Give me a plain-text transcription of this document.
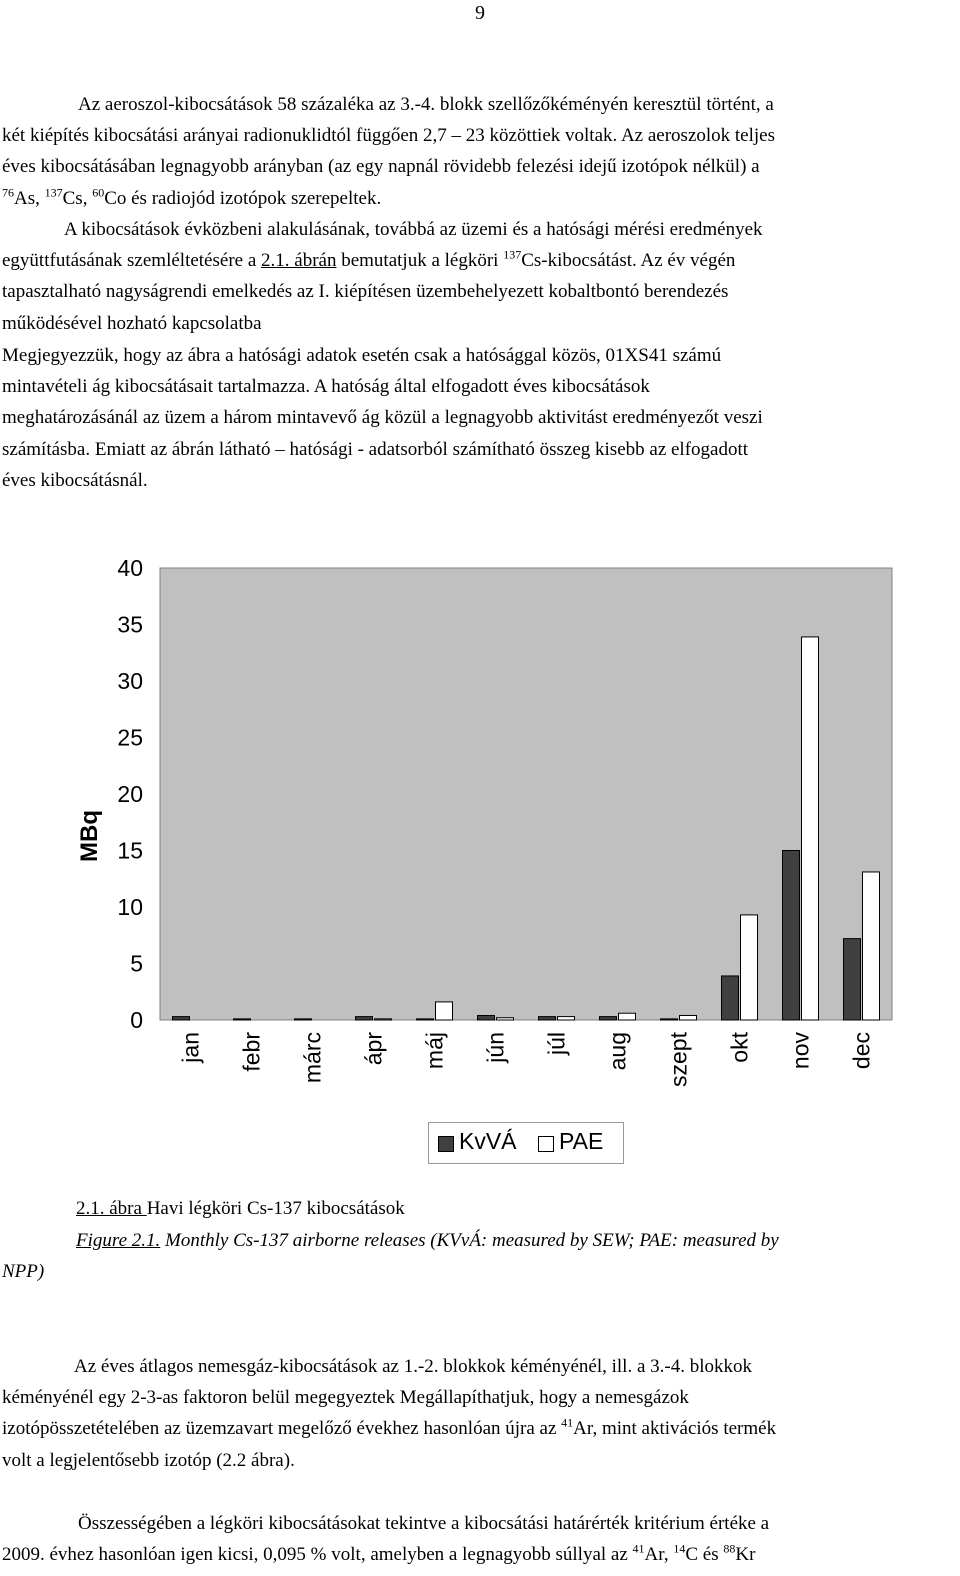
9
Az aeroszol-kibocsátások 58 százaléka az 3.-4. blokk szellőzőkéményén keresztül történt, a
két kiépítés kibocsátási arányai radionuklidtól függően 2,7 – 23 közöttiek voltak. Az aeroszolok teljes
éves kibocsátásában legnagyobb arányban (az egy napnál rövidebb felezési idejű izotópok nélkül) a
$^{76}$As, $^{137}$Cs, $^{60}$Co és radiojód izotópok szerepeltek.
A kibocsátások évközbeni alakulásának, továbbá az üzemi és a hatósági mérési eredmények
együttfutásának szemléltetésére a 2.1. ábrán bemutatjuk a légköri $^{137}$Cs-kibocsátást. Az év végén
tapasztalható nagyságrendi emelkedés az I. kiépítésen üzembehelyezett kobaltbontó berendezés
működésével hozható kapcsolatba
Megjegyezzük, hogy az ábra a hatósági adatok esetén csak a hatósággal közös, 01XS41 számú
mintavételi ág kibocsátásait tartalmazza. A hatóság által elfogadott éves kibocsátások
meghatározásánál az üzem a három mintavevő ág közül a legnagyobb aktivitást eredményezőt veszi
számításba. Emiatt az ábrán látható – hatósági - adatsorból számítható összeg kisebb az elfogadott
éves kibocsátásnál.
MBq
40
35
30
25
20
15
10
5
0
jan febr márc ápr máj jún júl aug szept okt nov dec
KvVÁ PAE
2.1. ábra Havi légköri Cs-137 kibocsátások
Figure 2.1. Monthly Cs-137 airborne releases (KVvÁ: measured by SEW; PAE: measured by
NPP)
Az éves átlagos nemesgáz-kibocsátások az 1.-2. blokkok kéményénél, ill. a 3.-4. blokkok
kéményénél egy 2-3-as faktoron belül megegyeztek Megállapíthatjuk, hogy a nemesgázok
izotópösszetételében az üzemzavart megelőző évekhez hasonlóan újra az $^{41}$Ar, mint aktivációs termék
volt a legjelentősebb izotóp (2.2 ábra).
Összességében a légköri kibocsátásokat tekintve a kibocsátási határérték kritérium értéke a
2009. évhez hasonlóan igen kicsi, 0,095 % volt, amelyben a legnagyobb súllyal az $^{41}$Ar, $^{14}$C és $^{88}$Kr
